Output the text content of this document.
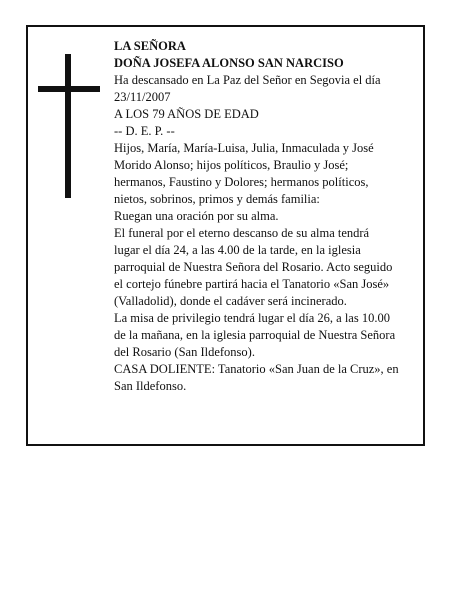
LA SEÑORA
DOÑA JOSEFA ALONSO SAN NARCISO
Ha descansado en La Paz del Señor en Segovia el día
23/11/2007
A LOS 79 AÑOS DE EDAD
-- D. E. P. --
Hijos, María, María-Luisa, Julia, Inmaculada y José
Morido Alonso; hijos políticos, Braulio y José;
hermanos, Faustino y Dolores; hermanos políticos,
nietos, sobrinos, primos y demás familia:
Ruegan una oración por su alma.
El funeral por el eterno descanso de su alma tendrá
lugar el día 24, a las 4.00 de la tarde, en la iglesia
parroquial de Nuestra Señora del Rosario. Acto seguido
el cortejo fúnebre partirá hacia el Tanatorio «San José»
(Valladolid), donde el cadáver será incinerado.
La misa de privilegio tendrá lugar el día 26, a las 10.00
de la mañana, en la iglesia parroquial de Nuestra Señora
del Rosario (San Ildefonso).
CASA DOLIENTE: Tanatorio «San Juan de la Cruz», en
San Ildefonso.
